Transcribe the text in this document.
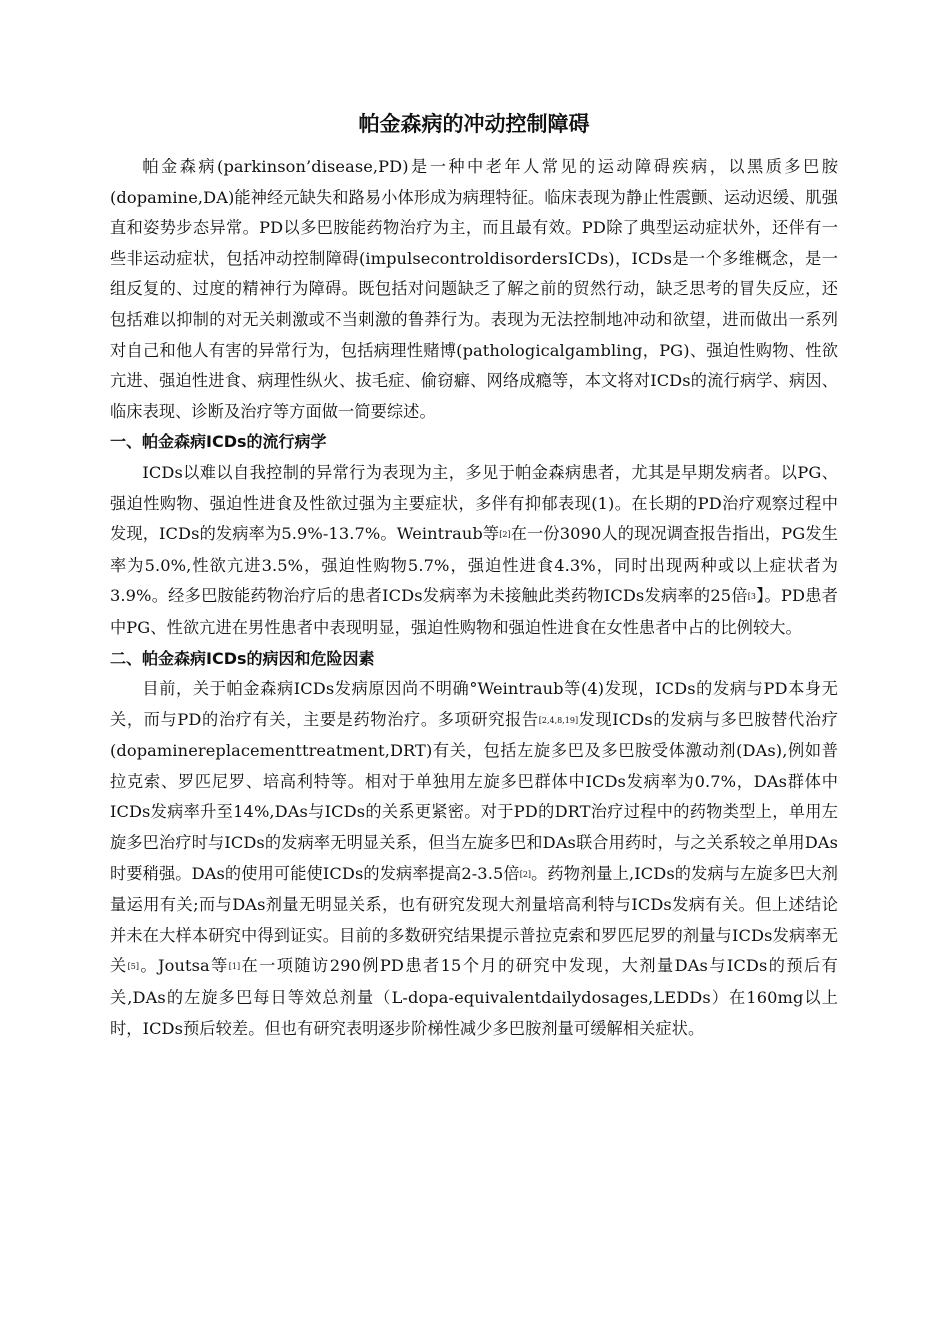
帕金森病的冲动控制障碍

帕金森病(parkinson’disease,PD)是一种中老年人常见的运动障碍疾病，以黑质多巴胺(dopamine,DA)能神经元缺失和路易小体形成为病理特征。临床表现为静止性震颤、运动迟缓、肌强直和姿势步态异常。PD以多巴胺能药物治疗为主，而且最有效。PD除了典型运动症状外，还伴有一些非运动症状，包括冲动控制障碍(impulsecontroldisordersICDs)，ICDs是一个多维概念，是一组反复的、过度的精神行为障碍。既包括对问题缺乏了解之前的贸然行动，缺乏思考的冒失反应，还包括难以抑制的对无关刺激或不当刺激的鲁莽行为。表现为无法控制地冲动和欲望，进而做出一系列对自己和他人有害的异常行为，包括病理性赌博(pathologicalgambling，PG)、强迫性购物、性欲亢进、强迫性进食、病理性纵火、拔毛症、偷窃癖、网络成瘾等，本文将对ICDs的流行病学、病因、临床表现、诊断及治疗等方面做一简要综述。

一、帕金森病ICDs的流行病学

ICDs以难以自我控制的异常行为表现为主，多见于帕金森病患者，尤其是早期发病者。以PG、强迫性购物、强迫性进食及性欲过强为主要症状，多伴有抑郁表现(1)。在长期的PD治疗观察过程中发现，ICDs的发病率为5.9%-13.7%。Weintraub等[2]在一份3090人的现况调查报告指出，PG发生率为5.0%,性欲亢进3.5%，强迫性购物5.7%，强迫性进食4.3%，同时出现两种或以上症状者为3.9%。经多巴胺能药物治疗后的患者ICDs发病率为未接触此类药物ICDs发病率的25倍$^{[3}$】。PD患者中PG、性欲亢进在男性患者中表现明显，强迫性购物和强迫性进食在女性患者中占的比例较大。

二、帕金森病ICDs的病因和危险因素

目前，关于帕金森病ICDs发病原因尚不明确°Weintraub等(4)发现，ICDs的发病与PD本身无关，而与PD的治疗有关，主要是药物治疗。多项研究报告[2,4,8,19]发现ICDs的发病与多巴胺替代治疗(dopaminereplacementtreatment,DRT)有关，包括左旋多巴及多巴胺受体激动剂(DAs),例如普拉克索、罗匹尼罗、培高利特等。相对于单独用左旋多巴群体中ICDs发病率为0.7%，DAs群体中ICDs发病率升至14%,DAs与ICDs的关系更紧密。对于PD的DRT治疗过程中的药物类型上，单用左旋多巴治疗时与ICDs的发病率无明显关系，但当左旋多巴和DAs联合用药时，与之关系较之单用DAs时要稍强。DAs的使用可能使ICDs的发病率提高2-3.5倍[2]。药物剂量上,ICDs的发病与左旋多巴大剂量运用有关;而与DAs剂量无明显关系，也有研究发现大剂量培高利特与ICDs发病有关。但上述结论并未在大样本研究中得到证实。目前的多数研究结果提示普拉克索和罗匹尼罗的剂量与ICDs发病率无关[5]。Joutsa等[1]在一项随访290例PD患者15个月的研究中发现，大剂量DAs与ICDs的预后有关,DAs的左旋多巴每日等效总剂量（L-dopa-equivalentdailydosages,LEDDs）在160mg以上时，ICDs预后较差。但也有研究表明逐步阶梯性减少多巴胺剂量可缓解相关症状。
